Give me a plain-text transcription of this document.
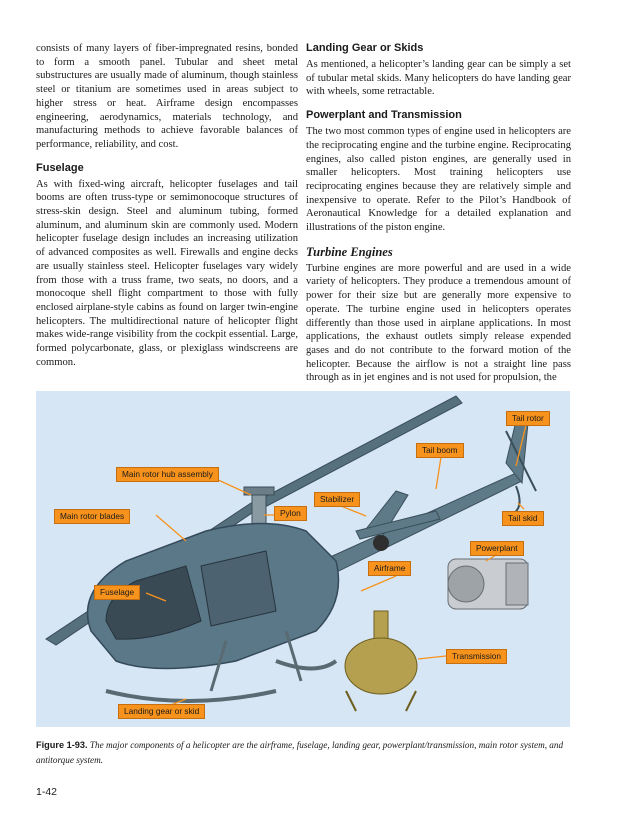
consists of many layers of fiber-impregnated resins, bonded to form a smooth panel. Tubular and sheet metal substructures are usually made of aluminum, though stainless steel or titanium are sometimes used in areas subject to higher stress or heat. Airframe design encompasses engineering, aerodynamics, materials technology, and manufacturing methods to achieve favorable balances of performance, reliability, and cost.

Fuselage

As with fixed-wing aircraft, helicopter fuselages and tail booms are often truss-type or semimonocoque structures of stress-skin design. Steel and aluminum tubing, formed aluminum, and aluminum skin are commonly used. Modern helicopter fuselage design includes an increasing utilization of advanced composites as well. Firewalls and engine decks are usually stainless steel. Helicopter fuselages vary widely from those with a truss frame, two seats, no doors, and a monocoque shell flight compartment to those with fully enclosed airplane-style cabins as found on larger twin-engine helicopters. The multidirectional nature of helicopter flight makes wide-range visibility from the cockpit essential. Large, formed polycarbonate, glass, or plexiglass windscreens are common.

Landing Gear or Skids

As mentioned, a helicopter’s landing gear can be simply a set of tubular metal skids. Many helicopters do have landing gear with wheels, some retractable.

Powerplant and Transmission

The two most common types of engine used in helicopters are the reciprocating engine and the turbine engine. Reciprocating engines, also called piston engines, are generally used in smaller helicopters. Most training helicopters use reciprocating engines because they are relatively simple and inexpensive to operate. Refer to the Pilot’s Handbook of Aeronautical Knowledge for a detailed explanation and illustrations of the piston engine.

Turbine Engines

Turbine engines are more powerful and are used in a wide variety of helicopters. They produce a tremendous amount of power for their size but are generally more expensive to operate. The turbine engine used in helicopters operates differently than those used in airplane applications. In most applications, the exhaust outlets simply release expended gases and do not contribute to the forward motion of the helicopter. Because the airflow is not a straight line pass through as in jet engines and is not used for propulsion, the

Tail rotor
Tail boom
Main rotor hub assembly
Stabilizer
Main rotor blades	Pylon	Tail skid
Powerplant
Airframe
Fuselage
Transmission
Landing gear or skid
Figure 1-93. The major components of a helicopter are the airframe, fuselage, landing gear, powerplant/transmission, main rotor system, and antitorque system.
1-42
